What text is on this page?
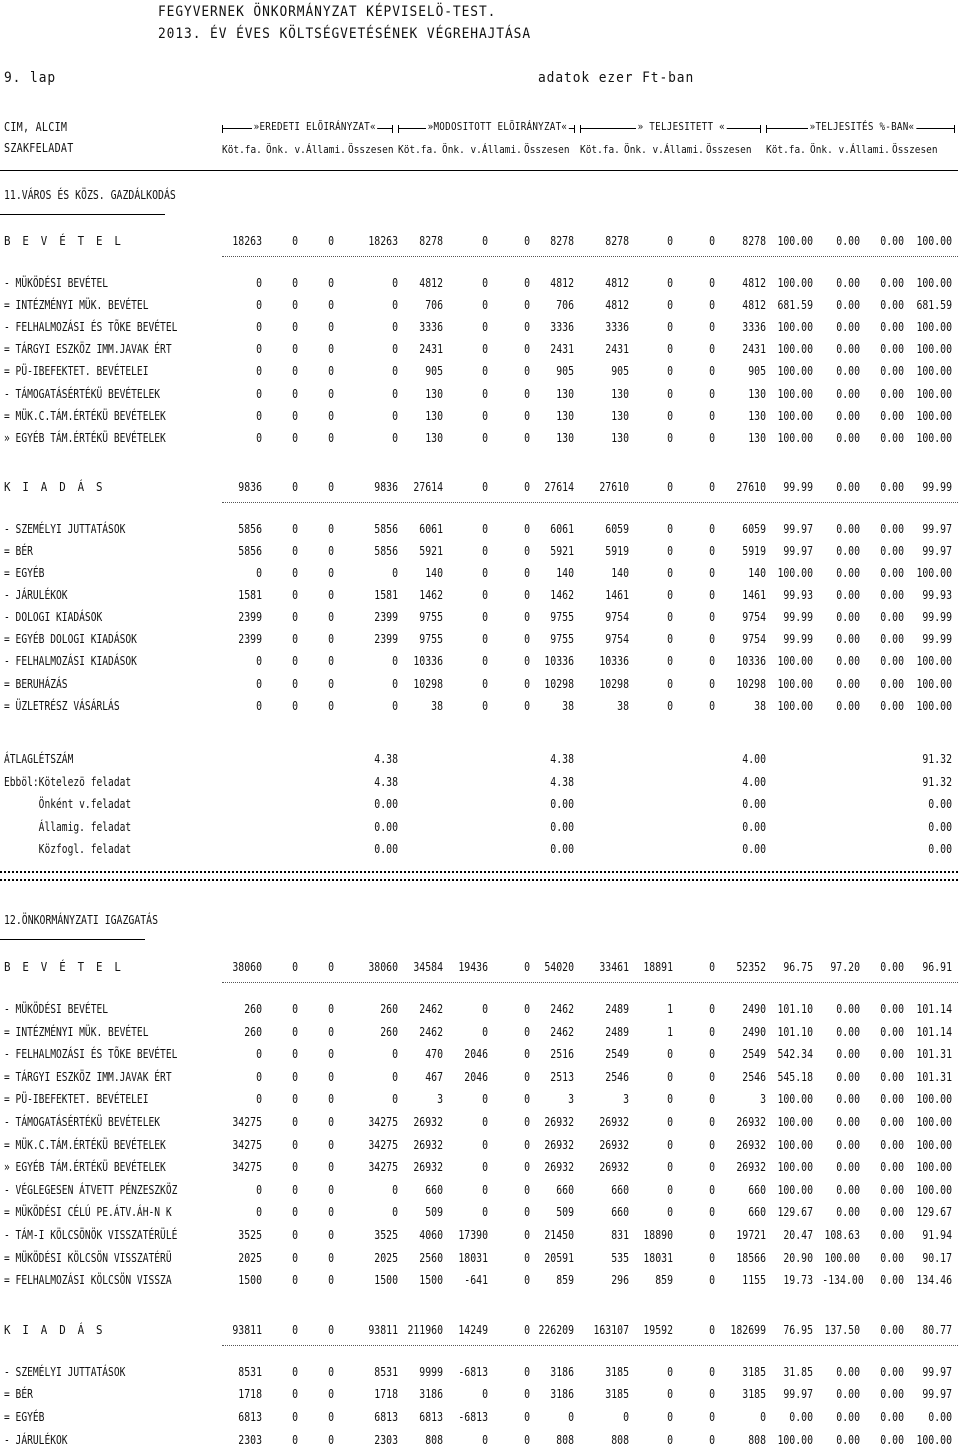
FEGYVERNEK ÖNKORMÁNYZAT KÉPVISELÖ-TEST.
2013. ÉV ÉVES KÖLTSÉGVETÉSÉNEK VÉGREHAJTÁSA
9. lap	adatok ezer Ft-ban
CIM, ALCIM
SZAKFELADAT
»EREDETI ELÕIRÁNYZAT«	»MODOSITOTT ELÕIRÁNYZAT«	» TELJESITETT «	»TELJESITÉS %-BAN«
Köt.fa. Önk. v. Állami. Összesen Köt.fa. Önk. v. Állami. Összesen Köt.fa. Önk. v. Állami. Összesen Köt.fa. Önk. v. Állami. Összesen
11.VÁROS ÉS KÖZS. GAZDÁLKODÁS
B E V É T E L	18263	0	0	18263	8278	0	0	8278	8278	0	0	8278 100.00	0.00	0.00 100.00
- MÜKÖDÉSI BEVÉTEL	0	0	0	0	4812	0	0	4812	4812	0	0	4812 100.00	0.00	0.00 100.00
= INTÉZMÉNYI MÜK. BEVÉTEL	0	0	0	0	706	0	0	706	4812	0	0	4812 681.59	0.00	0.00 681.59
- FELHALMOZÁSI ÉS TÕKE BEVÉTEL	0	0	0	0	3336	0	0	3336	3336	0	0	3336 100.00	0.00	0.00 100.00
= TÁRGYI ESZKÖZ IMM.JAVAK ÉRT	0	0	0	0	2431	0	0	2431	2431	0	0	2431 100.00	0.00	0.00 100.00
= PÜ-IBEFEKTET. BEVÉTELEI	0	0	0	0	905	0	0	905	905	0	0	905 100.00	0.00	0.00 100.00
- TÁMOGATÁSÉRTÉKÜ BEVÉTELEK	0	0	0	0	130	0	0	130	130	0	0	130 100.00	0.00	0.00 100.00
= MÜK.C.TÁM.ÉRTÉKÜ BEVÉTELEK	0	0	0	0	130	0	0	130	130	0	0	130 100.00	0.00	0.00 100.00
» EGYÉB TÁM.ÉRTÉKÜ BEVÉTELEK	0	0	0	0	130	0	0	130	130	0	0	130 100.00	0.00	0.00 100.00
K I A D Á S	9836	0	0	9836	27614	0	0	27614	27610	0	0	27610	99.99	0.00	0.00	99.99
- SZEMÉLYI JUTTATÁSOK	5856	0	0	5856	6061	0	0	6061	6059	0	0	6059	99.97	0.00	0.00	99.97
= BÉR	5856	0	0	5856	5921	0	0	5921	5919	0	0	5919	99.97	0.00	0.00	99.97
= EGYÉB	0	0	0	0	140	0	0	140	140	0	0	140 100.00	0.00	0.00 100.00
- JÁRULÉKOK	1581	0	0	1581	1462	0	0	1462	1461	0	0	1461	99.93	0.00	0.00	99.93
- DOLOGI KIADÁSOK	2399	0	0	2399	9755	0	0	9755	9754	0	0	9754	99.99	0.00	0.00	99.99
= EGYÉB DOLOGI KIADÁSOK	2399	0	0	2399	9755	0	0	9755	9754	0	0	9754	99.99	0.00	0.00	99.99
- FELHALMOZÁSI KIADÁSOK	0	0	0	0	10336	0	0	10336	10336	0	0	10336 100.00	0.00	0.00 100.00
= BERUHÁZÁS	0	0	0	0	10298	0	0	10298	10298	0	0	10298 100.00	0.00	0.00 100.00
= ÜZLETRÉSZ VÁSÁRLÁS	0	0	0	0	38	0	0	38	38	0	0	38 100.00	0.00	0.00 100.00
ÁTLAGLÉTSZÁM	4.38	4.38	4.00	91.32
Ebböl:Kötelezö feladat	4.38	4.38	4.00	91.32
Önként v.feladat	0.00	0.00	0.00	0.00
Államig. feladat	0.00	0.00	0.00	0.00
Közfogl. feladat	0.00	0.00	0.00	0.00
12.ÖNKORMÁNYZATI IGAZGATÁS
B E V É T E L	38060	0	0	38060	34584	19436	0	54020	33461	18891	0	52352	96.75	97.20	0.00	96.91
- MÜKÖDÉSI BEVÉTEL	260	0	0	260	2462	0	0	2462	2489	1	0	2490 101.10	0.00	0.00 101.14
= INTÉZMÉNYI MÜK. BEVÉTEL	260	0	0	260	2462	0	0	2462	2489	1	0	2490 101.10	0.00	0.00 101.14
- FELHALMOZÁSI ÉS TÕKE BEVÉTEL	0	0	0	0	470	2046	0	2516	2549	0	0	2549 542.34	0.00	0.00 101.31
= TÁRGYI ESZKÖZ IMM.JAVAK ÉRT	0	0	0	0	467	2046	0	2513	2546	0	0	2546 545.18	0.00	0.00 101.31
= PÜ-IBEFEKTET. BEVÉTELEI	0	0	0	0	3	0	0	3	3	0	0	3 100.00	0.00	0.00 100.00
- TÁMOGATÁSÉRTÉKÜ BEVÉTELEK	34275	0	0	34275	26932	0	0	26932	26932	0	0	26932 100.00	0.00	0.00 100.00
= MÜK.C.TÁM.ÉRTÉKÜ BEVÉTELEK	34275	0	0	34275	26932	0	0	26932	26932	0	0	26932 100.00	0.00	0.00 100.00
» EGYÉB TÁM.ÉRTÉKÜ BEVÉTELEK	34275	0	0	34275	26932	0	0	26932	26932	0	0	26932 100.00	0.00	0.00 100.00
- VÉGLEGESEN ÁTVETT PÉNZESZKÖZ	0	0	0	0	660	0	0	660	660	0	0	660 100.00	0.00	0.00 100.00
= MÜKÖDÉSI CÉLÚ PE.ÁTV.ÁH-N K	0	0	0	0	509	0	0	509	660	0	0	660 129.67	0.00	0.00 129.67
- TÁM-I KÖLCSÖNÖK VISSZATÉRÜLÉ	3525	0	0	3525	4060	17390	0	21450	831	18890	0	19721	20.47 108.63	0.00	91.94
= MÜKÖDÉSI KÖLCSÖN VISSZATÉRÜ	2025	0	0	2025	2560	18031	0	20591	535	18031	0	18566	20.90 100.00	0.00	90.17
= FELHALMOZÁSI KÖLCSÖN VISSZA	1500	0	0	1500	1500	-641	0	859	296	859	0	1155	19.73 -134.00	0.00 134.46
K I A D Á S	93811	0	0	93811 211960	14249	0 226209 163107	19592	0 182699	76.95 137.50	0.00	80.77
- SZEMÉLYI JUTTATÁSOK	8531	0	0	8531	9999	-6813	0	3186	3185	0	0	3185	31.85	0.00	0.00	99.97
= BÉR	1718	0	0	1718	3186	0	0	3186	3185	0	0	3185	99.97	0.00	0.00	99.97
= EGYÉB	6813	0	0	6813	6813	-6813	0	0	0	0	0	0	0.00	0.00	0.00	0.00
- JÁRULÉKOK	2303	0	0	2303	808	0	0	808	808	0	0	808 100.00	0.00	0.00 100.00
